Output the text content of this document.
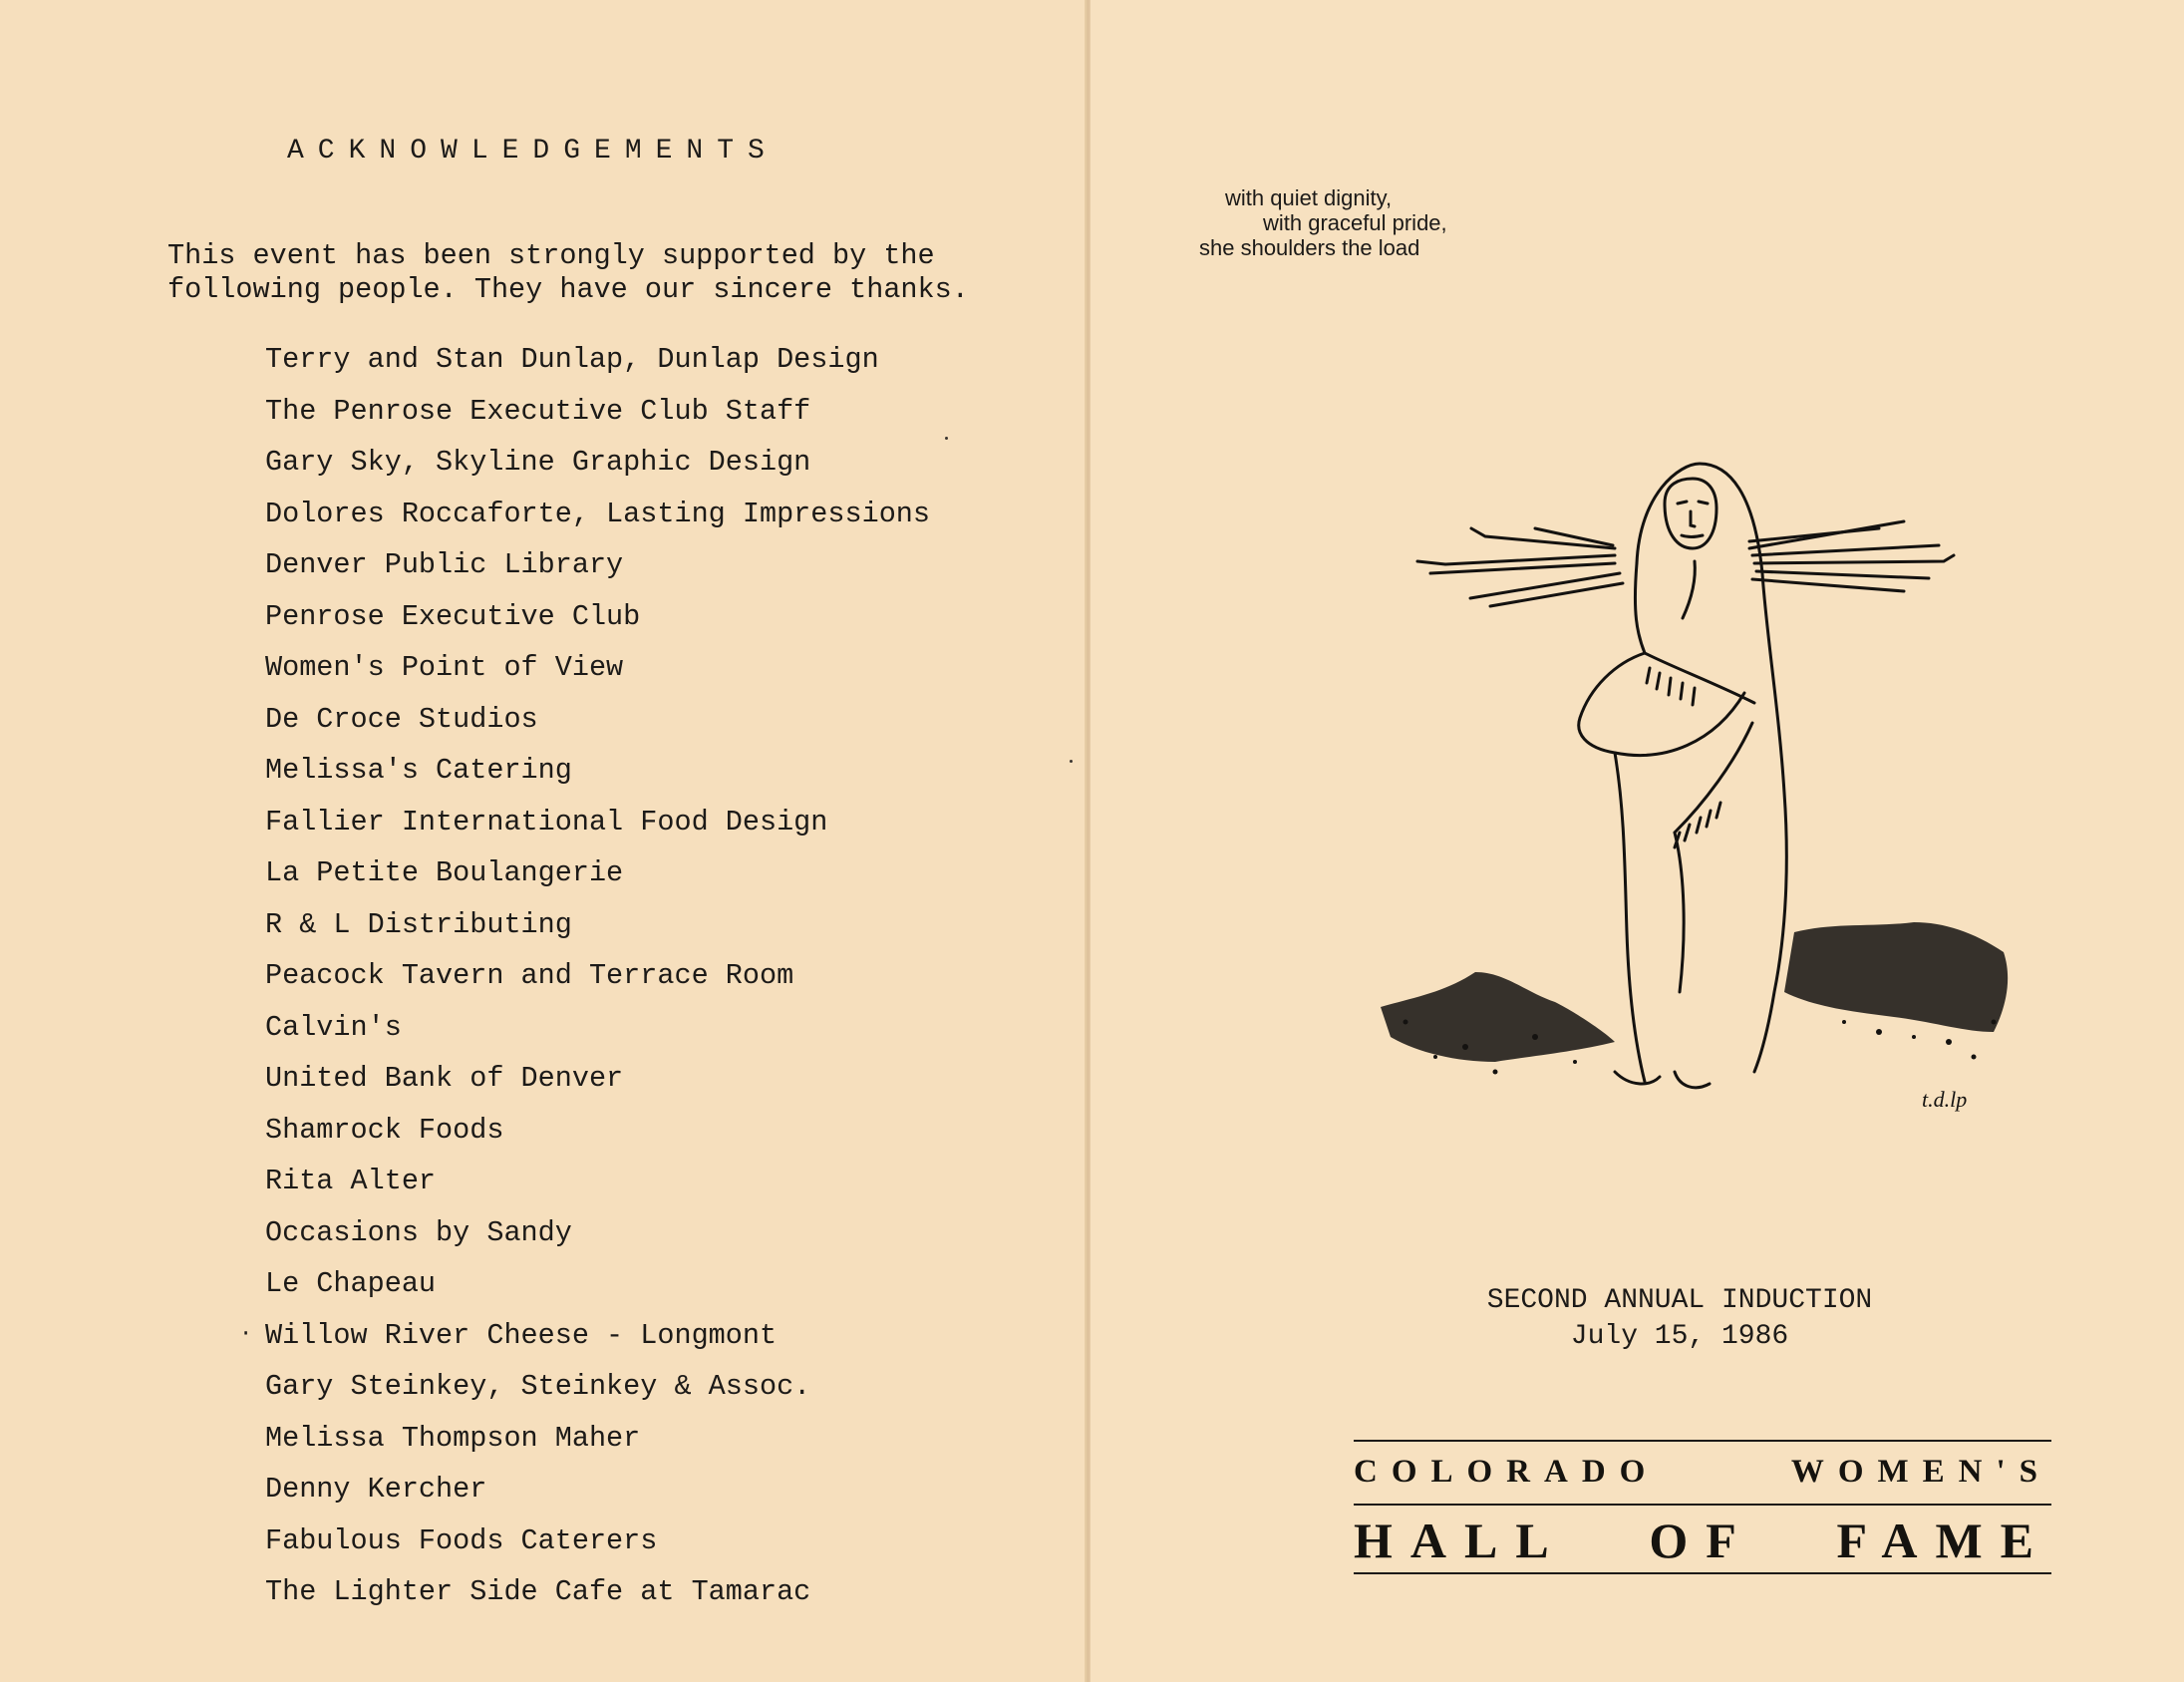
ACKNOWLEDGEMENTS
This event has been strongly supported by the
following people. They have our sincere thanks.
Terry and Stan Dunlap, Dunlap Design
The Penrose Executive Club Staff
Gary Sky, Skyline Graphic Design
Dolores Roccaforte, Lasting Impressions
Denver Public Library
Penrose Executive Club
Women's Point of View
De Croce Studios
Melissa's Catering
Fallier International Food Design
La Petite Boulangerie
R & L Distributing
Peacock Tavern and Terrace Room
Calvin's
United Bank of Denver
Shamrock Foods
Rita Alter
Occasions by Sandy
Le Chapeau
Willow River Cheese - Longmont
Gary Steinkey, Steinkey & Assoc.
Melissa Thompson Maher
Denny Kercher
Fabulous Foods Caterers
The Lighter Side Cafe at Tamarac
·
with quiet dignity,
with graceful pride,
she shoulders the load
t.d.lp
SECOND ANNUAL INDUCTION
July 15, 1986
COLORADO	WOMEN'S
HALL OF FAME
